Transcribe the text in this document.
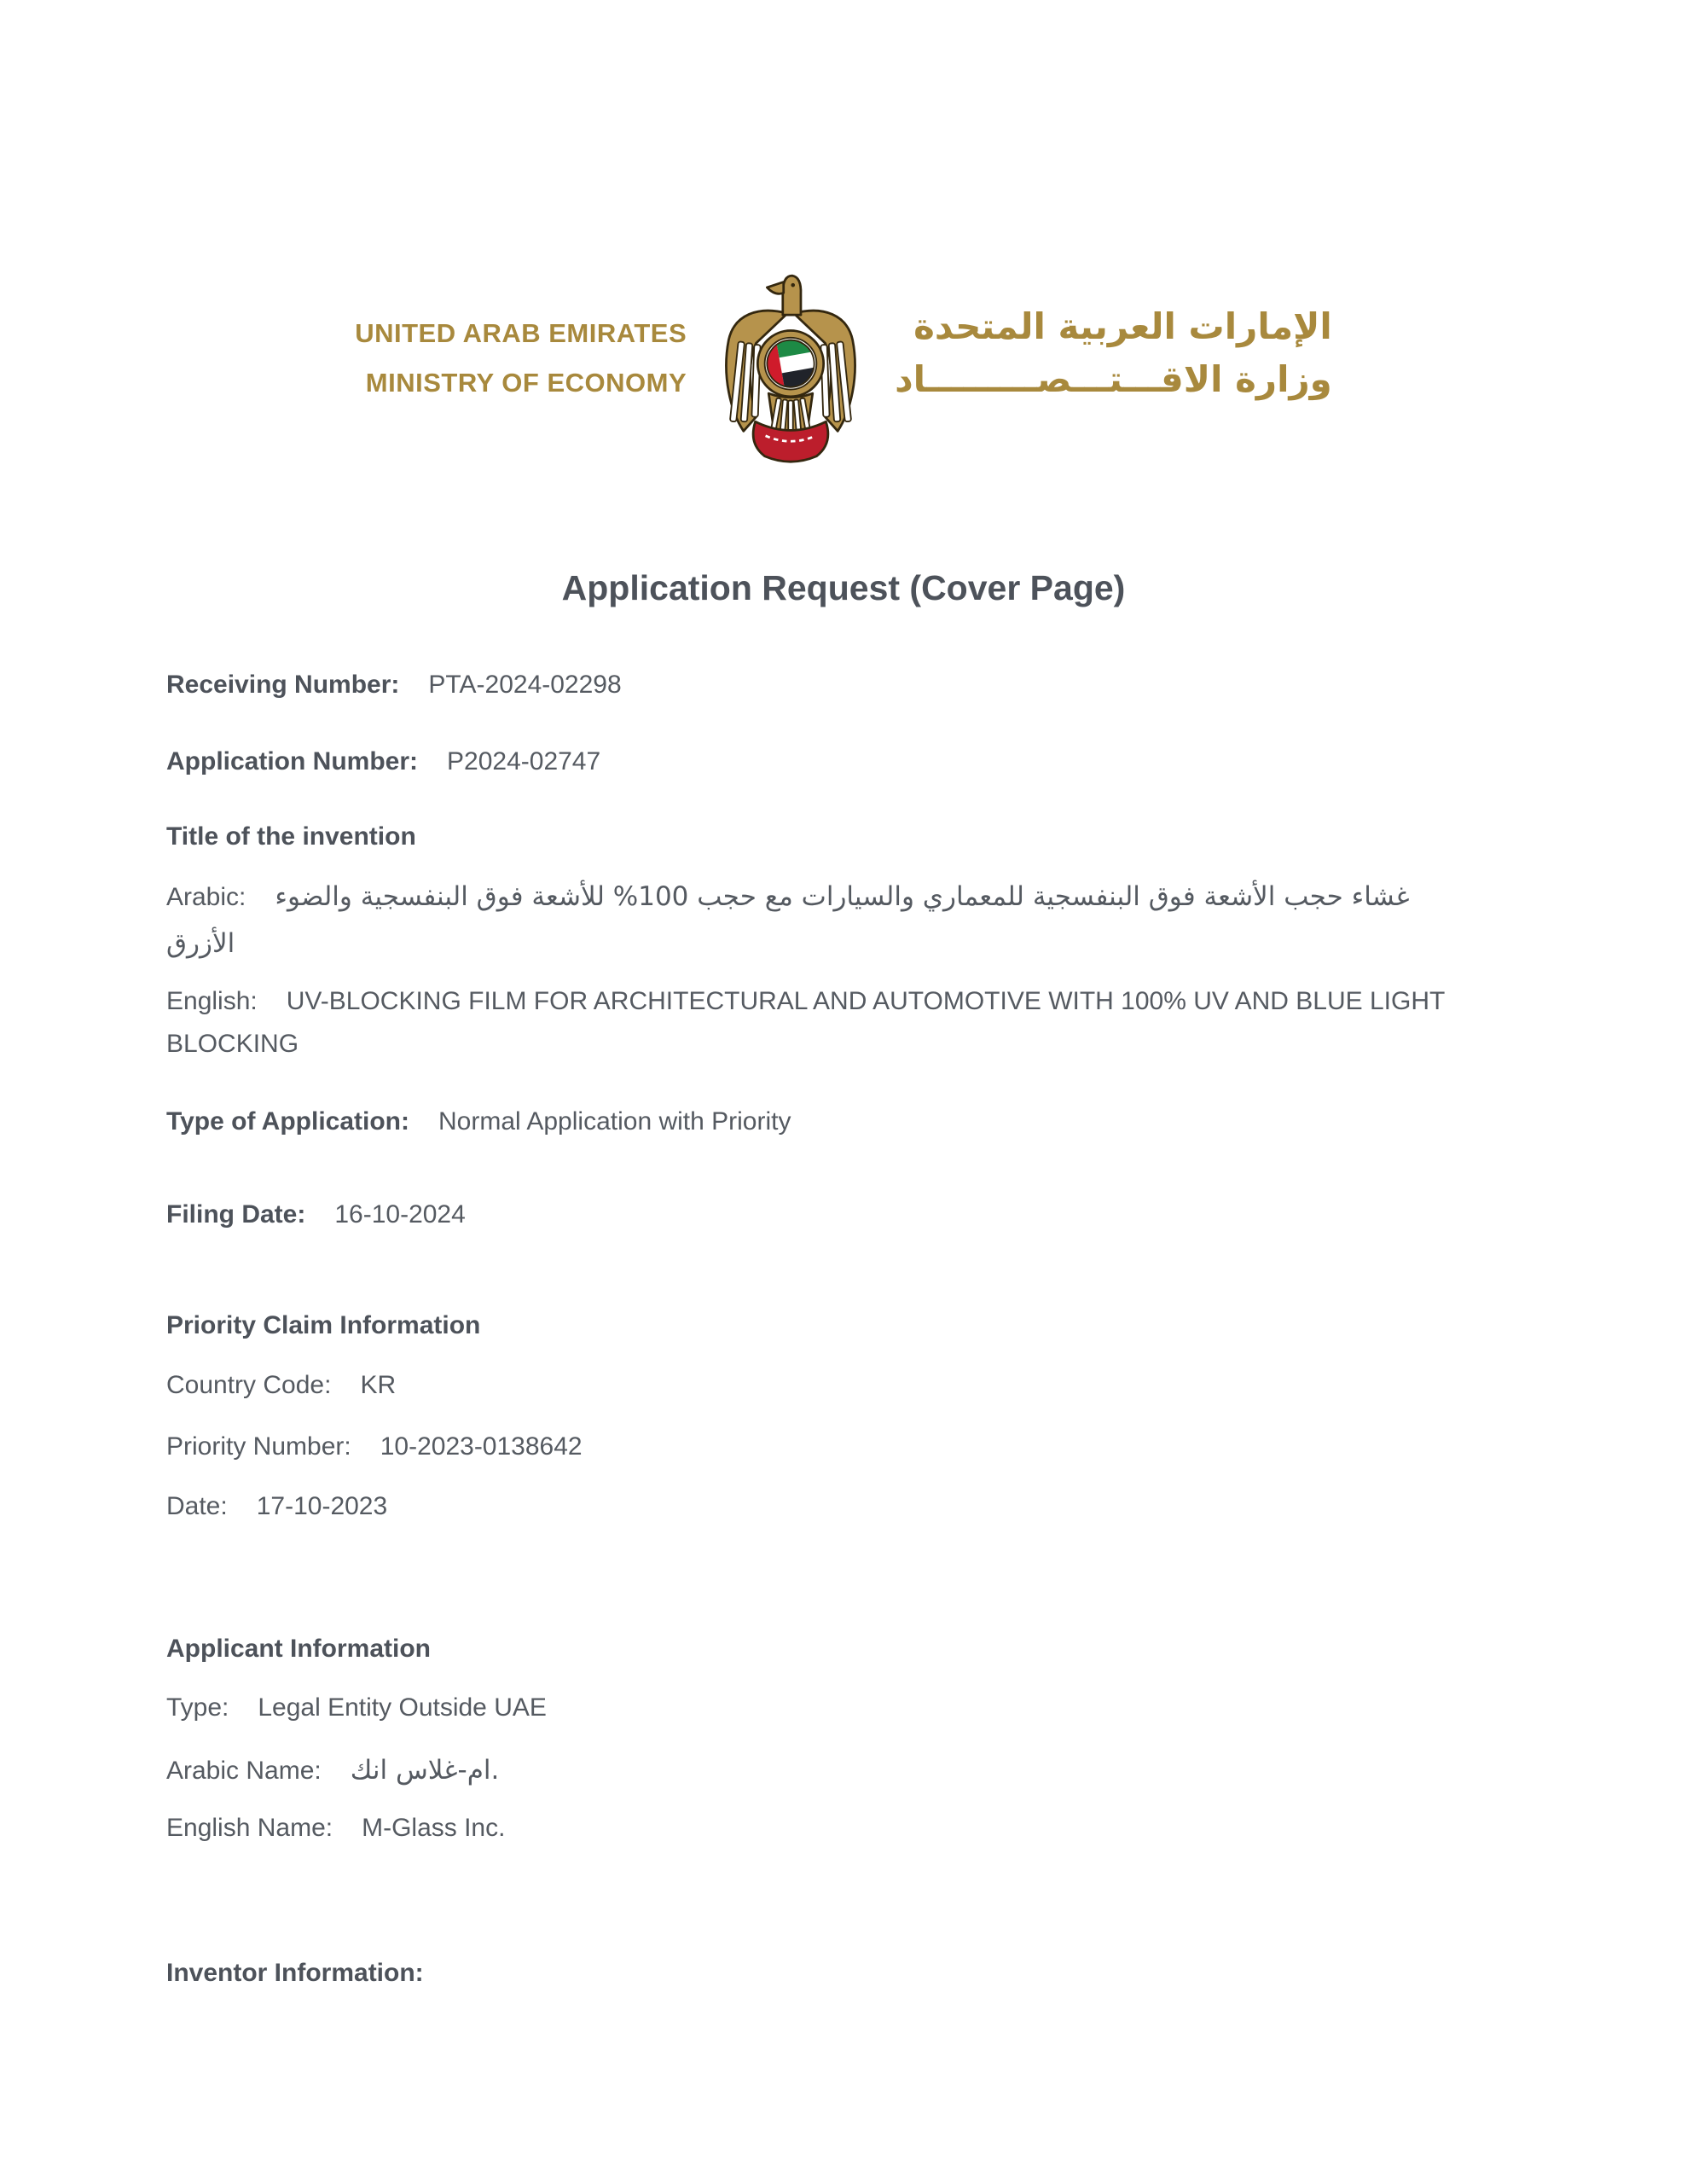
UNITED ARAB EMIRATES
MINISTRY OF ECONOMY
الإمارات العربية المتحدة
وزارة الاقـــتـــصـــــــــاد
Application Request (Cover Page)

Receiving Number: PTA-2024-02298

Application Number: P2024-02747

Title of the invention

Arabic: غشاء حجب الأشعة فوق البنفسجية للمعماري والسيارات مع حجب 100% للأشعة فوق البنفسجية والضوء
الأزرق

English: UV-BLOCKING FILM FOR ARCHITECTURAL AND AUTOMOTIVE WITH 100% UV AND BLUE LIGHT
BLOCKING

Type of Application: Normal Application with Priority

Filing Date: 16-10-2024

Priority Claim Information

Country Code: KR

Priority Number: 10-2023-0138642

Date: 17-10-2023

Applicant Information

Type: Legal Entity Outside UAE

Arabic Name: ام-غلاس انك.

English Name: M-Glass Inc.

Inventor Information:
